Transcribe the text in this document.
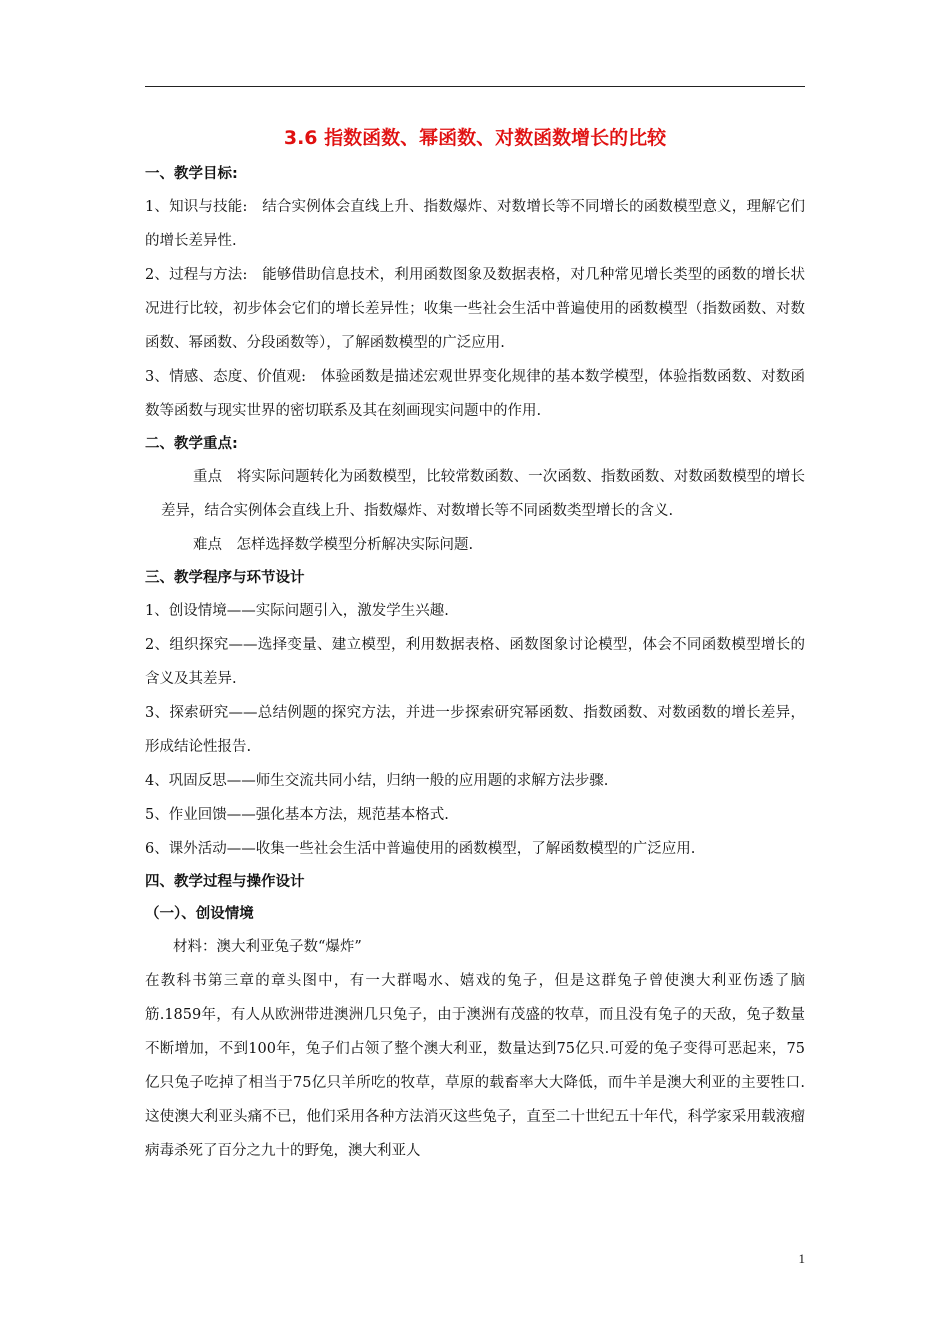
3.6 指数函数、幂函数、对数函数增长的比较
一、教学目标:
1、知识与技能:　结合实例体会直线上升、指数爆炸、对数增长等不同增长的函数模型意义，理解它们的增长差异性.
2、过程与方法:　能够借助信息技术，利用函数图象及数据表格，对几种常见增长类型的函数的增长状况进行比较，初步体会它们的增长差异性；收集一些社会生活中普遍使用的函数模型（指数函数、对数函数、幂函数、分段函数等），了解函数模型的广泛应用.
3、情感、态度、价值观:　体验函数是描述宏观世界变化规律的基本数学模型，体验指数函数、对数函数等函数与现实世界的密切联系及其在刻画现实问题中的作用.
二、教学重点:
重点　将实际问题转化为函数模型，比较常数函数、一次函数、指数函数、对数函数模型的增长差异，结合实例体会直线上升、指数爆炸、对数增长等不同函数类型增长的含义.
难点　怎样选择数学模型分析解决实际问题.
三、教学程序与环节设计
1、创设情境——实际问题引入，激发学生兴趣.
2、组织探究——选择变量、建立模型，利用数据表格、函数图象讨论模型，体会不同函数模型增长的含义及其差异.
3、探索研究——总结例题的探究方法，并进一步探索研究幂函数、指数函数、对数函数的增长差异，形成结论性报告.
4、巩固反思——师生交流共同小结，归纳一般的应用题的求解方法步骤.
5、作业回馈——强化基本方法，规范基本格式.
6、课外活动——收集一些社会生活中普遍使用的函数模型，了解函数模型的广泛应用.
四、教学过程与操作设计
（一）、创设情境
材料：澳大利亚兔子数“爆炸”
在教科书第三章的章头图中，有一大群喝水、嬉戏的兔子，但是这群兔子曾使澳大利亚伤透了脑筋.1859年，有人从欧洲带进澳洲几只兔子，由于澳洲有茂盛的牧草，而且没有兔子的天敌，兔子数量不断增加，不到100年，兔子们占领了整个澳大利亚，数量达到75亿只.可爱的兔子变得可恶起来，75亿只兔子吃掉了相当于75亿只羊所吃的牧草，草原的载畜率大大降低，而牛羊是澳大利亚的主要牲口.这使澳大利亚头痛不已，他们采用各种方法消灭这些兔子，直至二十世纪五十年代，科学家采用载液瘤病毒杀死了百分之九十的野兔，澳大利亚人
1
